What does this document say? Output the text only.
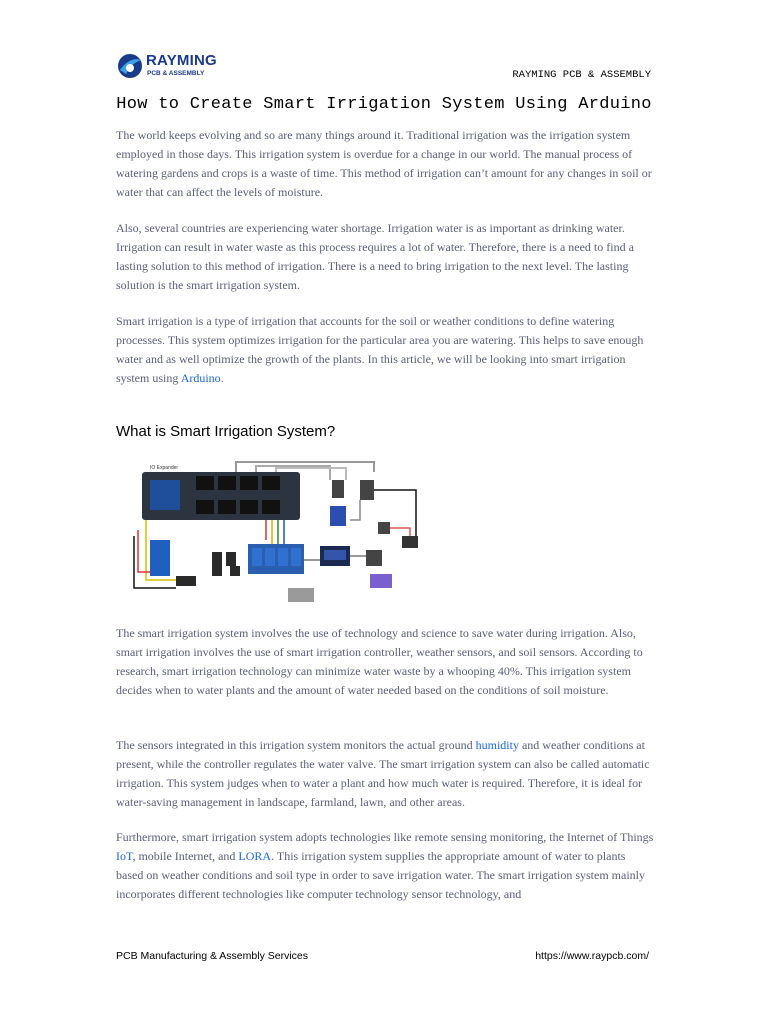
RAYMING
PCB & ASSEMBLY	RAYMING PCB & ASSEMBLY
How to Create Smart Irrigation System Using Arduino

The world keeps evolving and so are many things around it. Traditional irrigation was the irrigation system employed in those days. This irrigation system is overdue for a change in our world. The manual process of watering gardens and crops is a waste of time. This method of irrigation can’t amount for any changes in soil or water that can affect the levels of moisture.

Also, several countries are experiencing water shortage. Irrigation water is as important as drinking water. Irrigation can result in water waste as this process requires a lot of water. Therefore, there is a need to find a lasting solution to this method of irrigation. There is a need to bring irrigation to the next level. The lasting solution is the smart irrigation system.

Smart irrigation is a type of irrigation that accounts for the soil or weather conditions to define watering processes. This system optimizes irrigation for the particular area you are watering. This helps to save enough water and as well optimize the growth of the plants. In this article, we will be looking into smart irrigation system using Arduino.

What is Smart Irrigation System?
IO Expander

The smart irrigation system involves the use of technology and science to save water during irrigation. Also, smart irrigation involves the use of smart irrigation controller, weather sensors, and soil sensors. According to research, smart irrigation technology can minimize water waste by a whooping 40%. This irrigation system decides when to water plants and the amount of water needed based on the conditions of soil moisture.

The sensors integrated in this irrigation system monitors the actual ground humidity and weather conditions at present, while the controller regulates the water valve. The smart irrigation system can also be called automatic irrigation. This system judges when to water a plant and how much water is required. Therefore, it is ideal for water-saving management in landscape, farmland, lawn, and other areas.

Furthermore, smart irrigation system adopts technologies like remote sensing monitoring, the Internet of Things IoT, mobile Internet, and LORA. This irrigation system supplies the appropriate amount of water to plants based on weather conditions and soil type in order to save irrigation water. The smart irrigation system mainly incorporates different technologies like computer technology sensor technology, and

PCB Manufacturing & Assembly Services	https://www.raypcb.com/
